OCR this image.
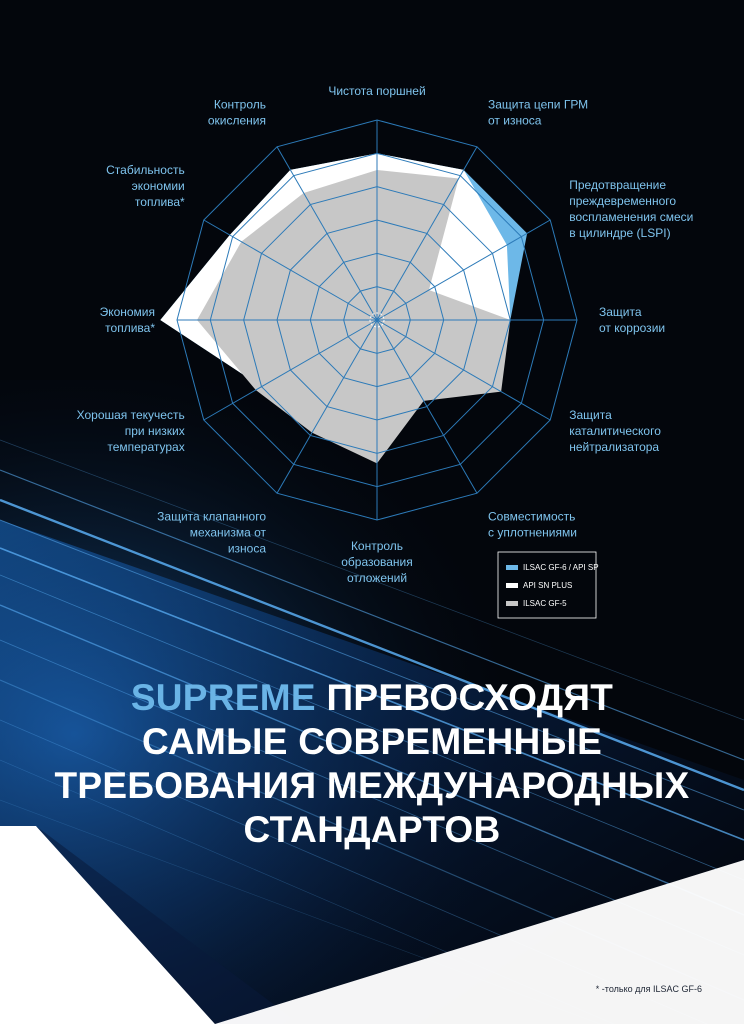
Чистота поршней
Защита цепи ГРМ от износа
Предотвращение преждевременного воспламенения смеси в цилиндре (LSPI)
Защита от коррозии
Защита каталитического нейтрализатора
Совместимость с уплотнениями
Контроль образования отложений
Защита клапанного механизма от износа
Хорошая текучесть при низких температурах
Экономия топлива*
Стабильность экономии топлива*
Контроль окисления
ILSAC GF-6 / API SP
API SN PLUS
ILSAC GF-5
SUPREME ПРЕВОСХОДЯТ
САМЫЕ СОВРЕМЕННЫЕ
ТРЕБОВАНИЯ МЕЖДУНАРОДНЫХ
СТАНДАРТОВ
* -только для ILSAC GF-6
